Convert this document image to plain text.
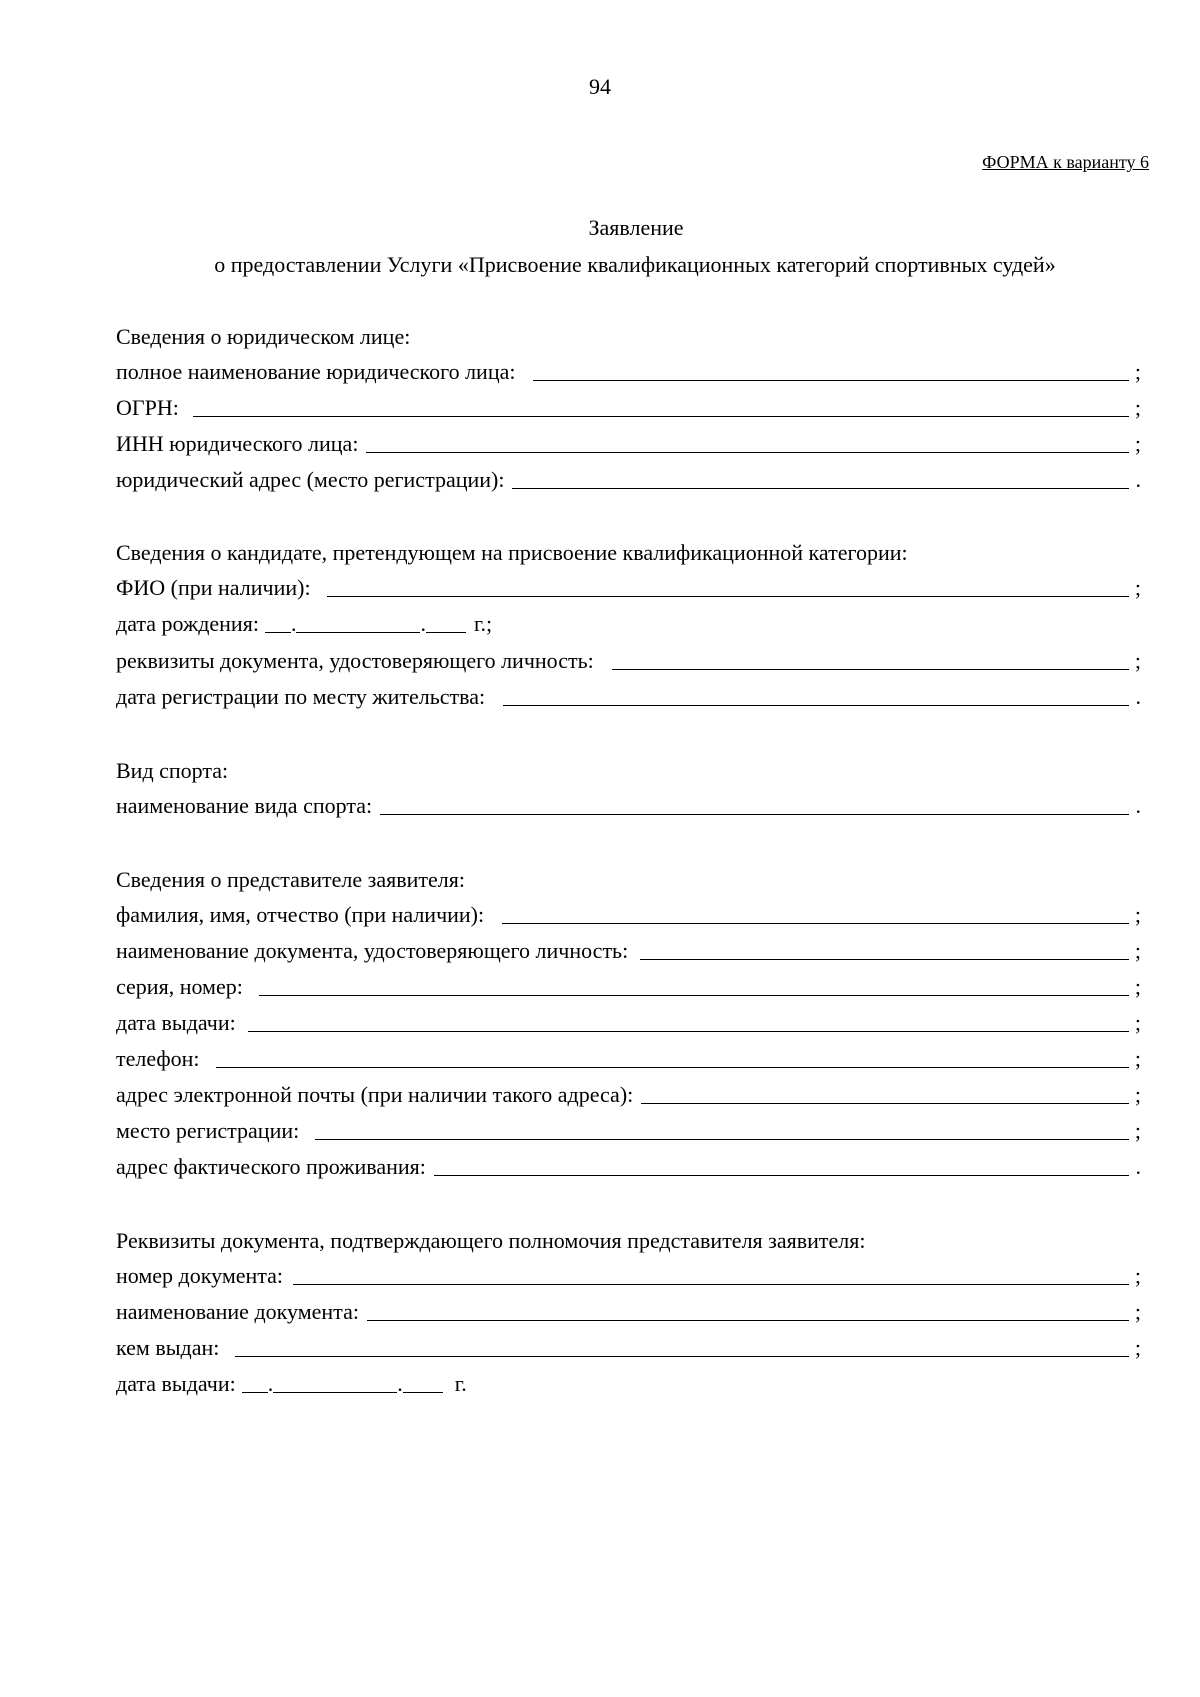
94
ФОРМА к варианту 6
Заявление
о предоставлении Услуги «Присвоение квалификационных категорий спортивных судей»
Сведения о юридическом лице:
полное наименование юридического лица:	;
ОГРН:	;
ИНН юридического лица:	;
юридический адрес (место регистрации):	.
Сведения о кандидате, претендующем на присвоение квалификационной категории:
ФИО (при наличии):	;
дата рождения: .	. г.;
реквизиты документа, удостоверяющего личность:	;
дата регистрации по месту жительства:	.
Вид спорта:
наименование вида спорта:	.
Сведения о представителе заявителя:
фамилия, имя, отчество (при наличии):	;
наименование документа, удостоверяющего личность:	;
серия, номер:	;
дата выдачи:	;
телефон:	;
адрес электронной почты (при наличии такого адреса):	;
место регистрации:	;
адрес фактического проживания:	.
Реквизиты документа, подтверждающего полномочия представителя заявителя:
номер документа:	;
наименование документа:	;
кем выдан:	;
дата выдачи: .	. г.
